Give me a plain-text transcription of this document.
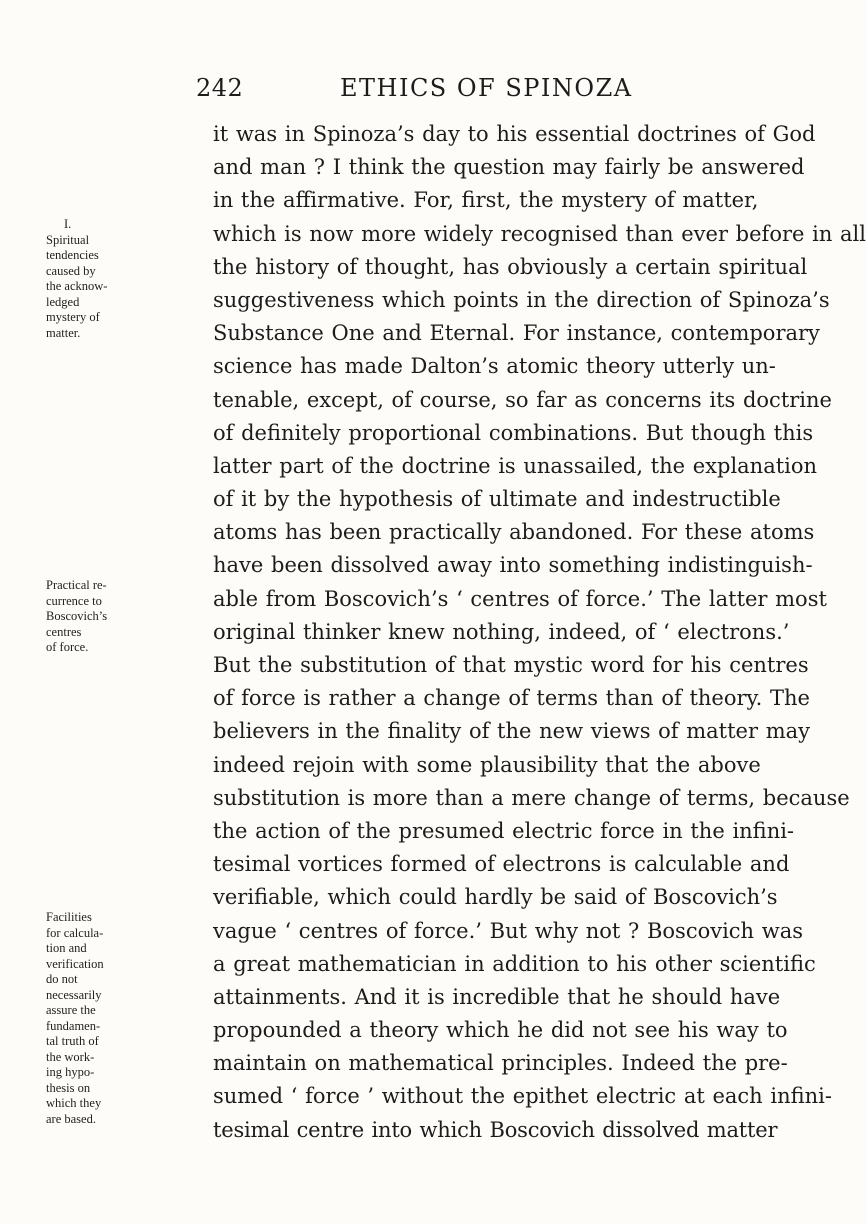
242	ETHICS OF SPINOZA
it was in Spinoza’s day to his essential doctrines of God
and man ? I think the question may fairly be answered
in the affirmative. For, first, the mystery of matter,
which is now more widely recognised than ever before in all
the history of thought, has obviously a certain spiritual
suggestiveness which points in the direction of Spinoza’s
Substance One and Eternal. For instance, contemporary
science has made Dalton’s atomic theory utterly un-
tenable, except, of course, so far as concerns its doctrine
of definitely proportional combinations. But though this
latter part of the doctrine is unassailed, the explanation
of it by the hypothesis of ultimate and indestructible
atoms has been practically abandoned. For these atoms
have been dissolved away into something indistinguish-
able from Boscovich’s ‘ centres of force.’ The latter most
original thinker knew nothing, indeed, of ‘ electrons.’
But the substitution of that mystic word for his centres
of force is rather a change of terms than of theory. The
believers in the finality of the new views of matter may
indeed rejoin with some plausibility that the above
substitution is more than a mere change of terms, because
the action of the presumed electric force in the infini-
tesimal vortices formed of electrons is calculable and
verifiable, which could hardly be said of Boscovich’s
vague ‘ centres of force.’ But why not ? Boscovich was
a great mathematician in addition to his other scientific
attainments. And it is incredible that he should have
propounded a theory which he did not see his way to
maintain on mathematical principles. Indeed the pre-
sumed ‘ force ’ without the epithet electric at each infini-
tesimal centre into which Boscovich dissolved matter
I.
Spiritual
tendencies
caused by
the acknow-
ledged
mystery of
matter.
Practical re-
currence to
Boscovich’s
centres
of force.
Facilities
for calcula-
tion and
verification
do not
necessarily
assure the
fundamen-
tal truth of
the work-
ing hypo-
thesis on
which they
are based.
